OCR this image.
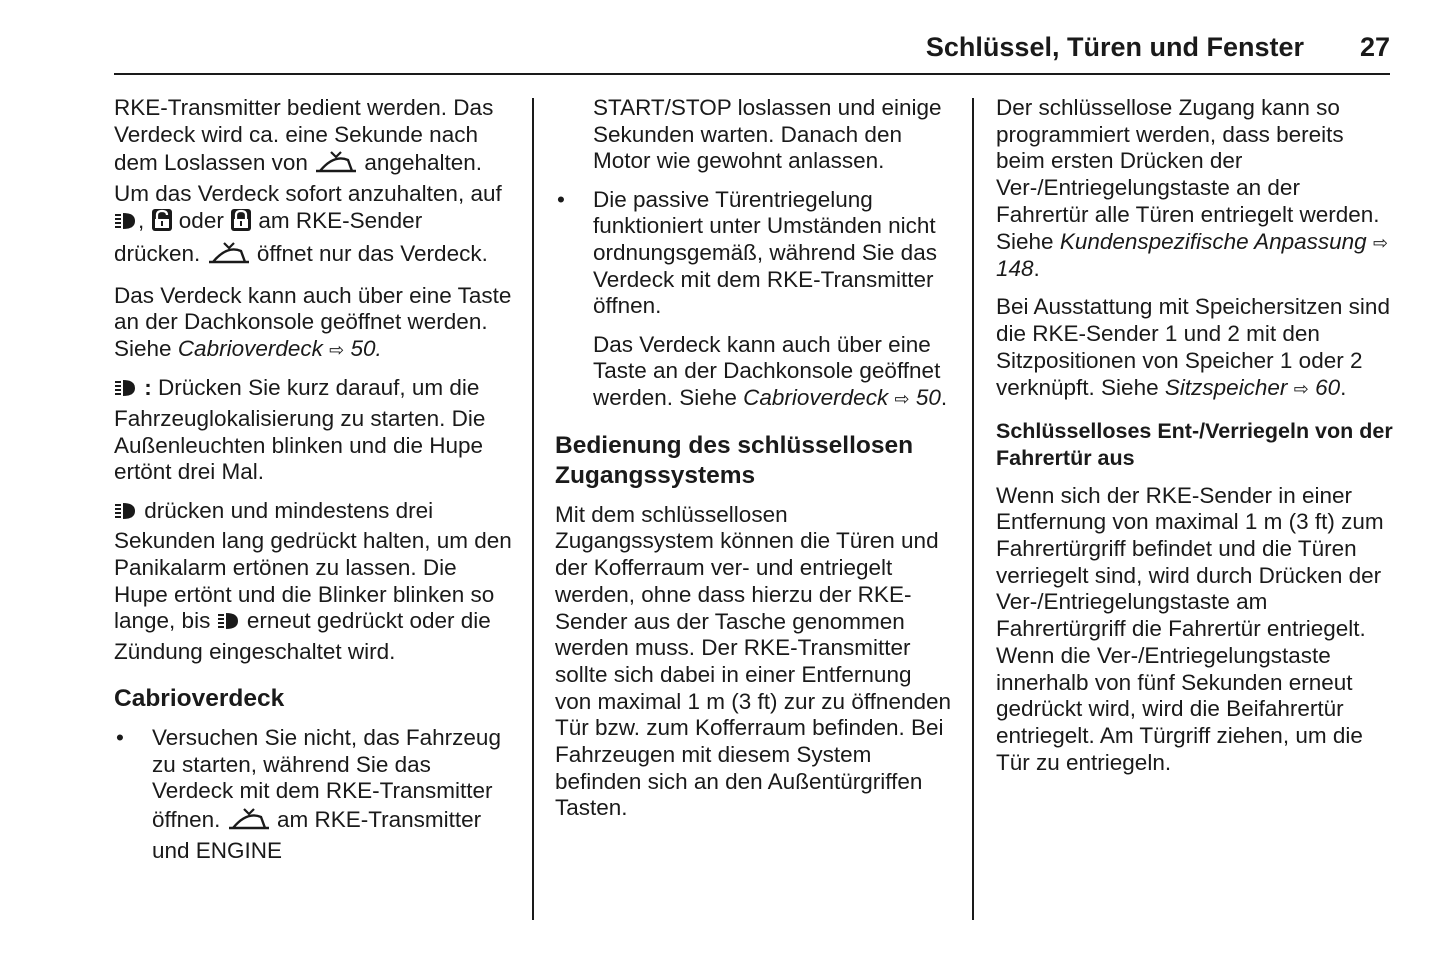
Schlüssel, Türen und Fenster 27

RKE-Transmitter bedient werden. Das Verdeck wird ca. eine Sekunde nach dem Loslassen von	angehalten. Um das Verdeck sofort anzuhalten, auf , oder am RKE-Sender drücken.	öffnet nur das Verdeck.

Das Verdeck kann auch über eine Taste an der Dachkonsole geöffnet werden. Siehe Cabrioverdeck ⇨ 50.

: Drücken Sie kurz darauf, um die Fahrzeuglokalisierung zu starten. Die Außenleuchten blinken und die Hupe ertönt drei Mal.

drücken und mindestens drei Sekunden lang gedrückt halten, um den Panikalarm ertönen zu lassen. Die Hupe ertönt und die Blinker blinken so lange, bis erneut gedrückt oder die Zündung eingeschaltet wird.

Cabrioverdeck
• Versuchen Sie nicht, das Fahrzeug zu starten, während Sie das Verdeck mit dem RKE-Transmitter öffnen.	am RKE-Transmitter und ENGINE

START/STOP loslassen und einige Sekunden warten. Danach den Motor wie gewohnt anlassen.

• Die passive Türentriegelung funktioniert unter Umständen nicht ordnungsgemäß, während Sie das Verdeck mit dem RKE-Transmitter öffnen.

Das Verdeck kann auch über eine Taste an der Dachkonsole geöffnet werden. Siehe Cabrioverdeck ⇨ 50.

Bedienung des schlüssellosen Zugangssystems

Mit dem schlüssellosen Zugangssystem können die Türen und der Kofferraum ver- und entriegelt werden, ohne dass hierzu der RKE-Sender aus der Tasche genommen werden muss. Der RKE-Transmitter sollte sich dabei in einer Entfernung von maximal 1 m (3 ft) zur zu öffnenden Tür bzw. zum Kofferraum befinden. Bei Fahrzeugen mit diesem System befinden sich an den Außentürgriffen Tasten.

Der schlüssellose Zugang kann so programmiert werden, dass bereits beim ersten Drücken der Ver-/Entriegelungstaste an der Fahrertür alle Türen entriegelt werden. Siehe Kundenspezifische Anpassung ⇨ 148.

Bei Ausstattung mit Speichersitzen sind die RKE-Sender 1 und 2 mit den Sitzpositionen von Speicher 1 oder 2 verknüpft. Siehe Sitzspeicher ⇨ 60.

Schlüsselloses Ent-/Verriegeln von der Fahrertür aus

Wenn sich der RKE-Sender in einer Entfernung von maximal 1 m (3 ft) zum Fahrertürgriff befindet und die Türen verriegelt sind, wird durch Drücken der Ver-/Entriegelungstaste am Fahrertürgriff die Fahrertür entriegelt. Wenn die Ver-/Entriegelungstaste innerhalb von fünf Sekunden erneut gedrückt wird, wird die Beifahrertür entriegelt. Am Türgriff ziehen, um die Tür zu entriegeln.
